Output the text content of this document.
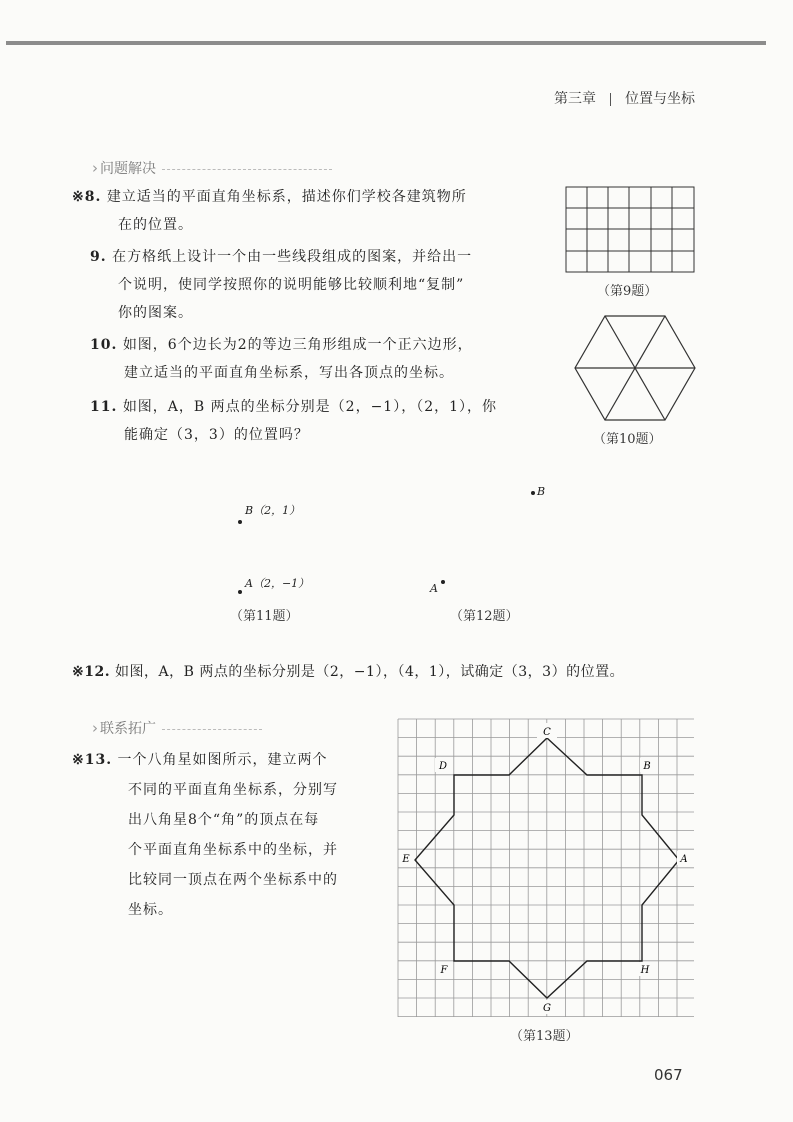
第三章 位置与坐标
› 问题解决
※8. 建立适当的平面直角坐标系，描述你们学校各建筑物所
在的位置。
9. 在方格纸上设计一个由一些线段组成的图案，并给出一
个说明，使同学按照你的说明能够比较顺利地“复制”
你的图案。
10. 如图，6个边长为2的等边三角形组成一个正六边形，
建立适当的平面直角坐标系，写出各顶点的坐标。
11. 如图，A，B 两点的坐标分别是（2，−1），（2，1），你
能确定（3，3）的位置吗？
（第9题）
（第10题）
B（2，1）
A（2，−1）
（第11题）
B
A
（第12题）
※12. 如图，A，B 两点的坐标分别是（2，−1），（4，1），试确定（3，3）的位置。
› 联系拓广
※13. 一个八角星如图所示，建立两个
不同的平面直角坐标系，分别写
出八角星8个“角”的顶点在每
个平面直角坐标系中的坐标，并
比较同一顶点在两个坐标系中的
坐标。
C
B
D
E	A
F	H
G
（第13题）
067
